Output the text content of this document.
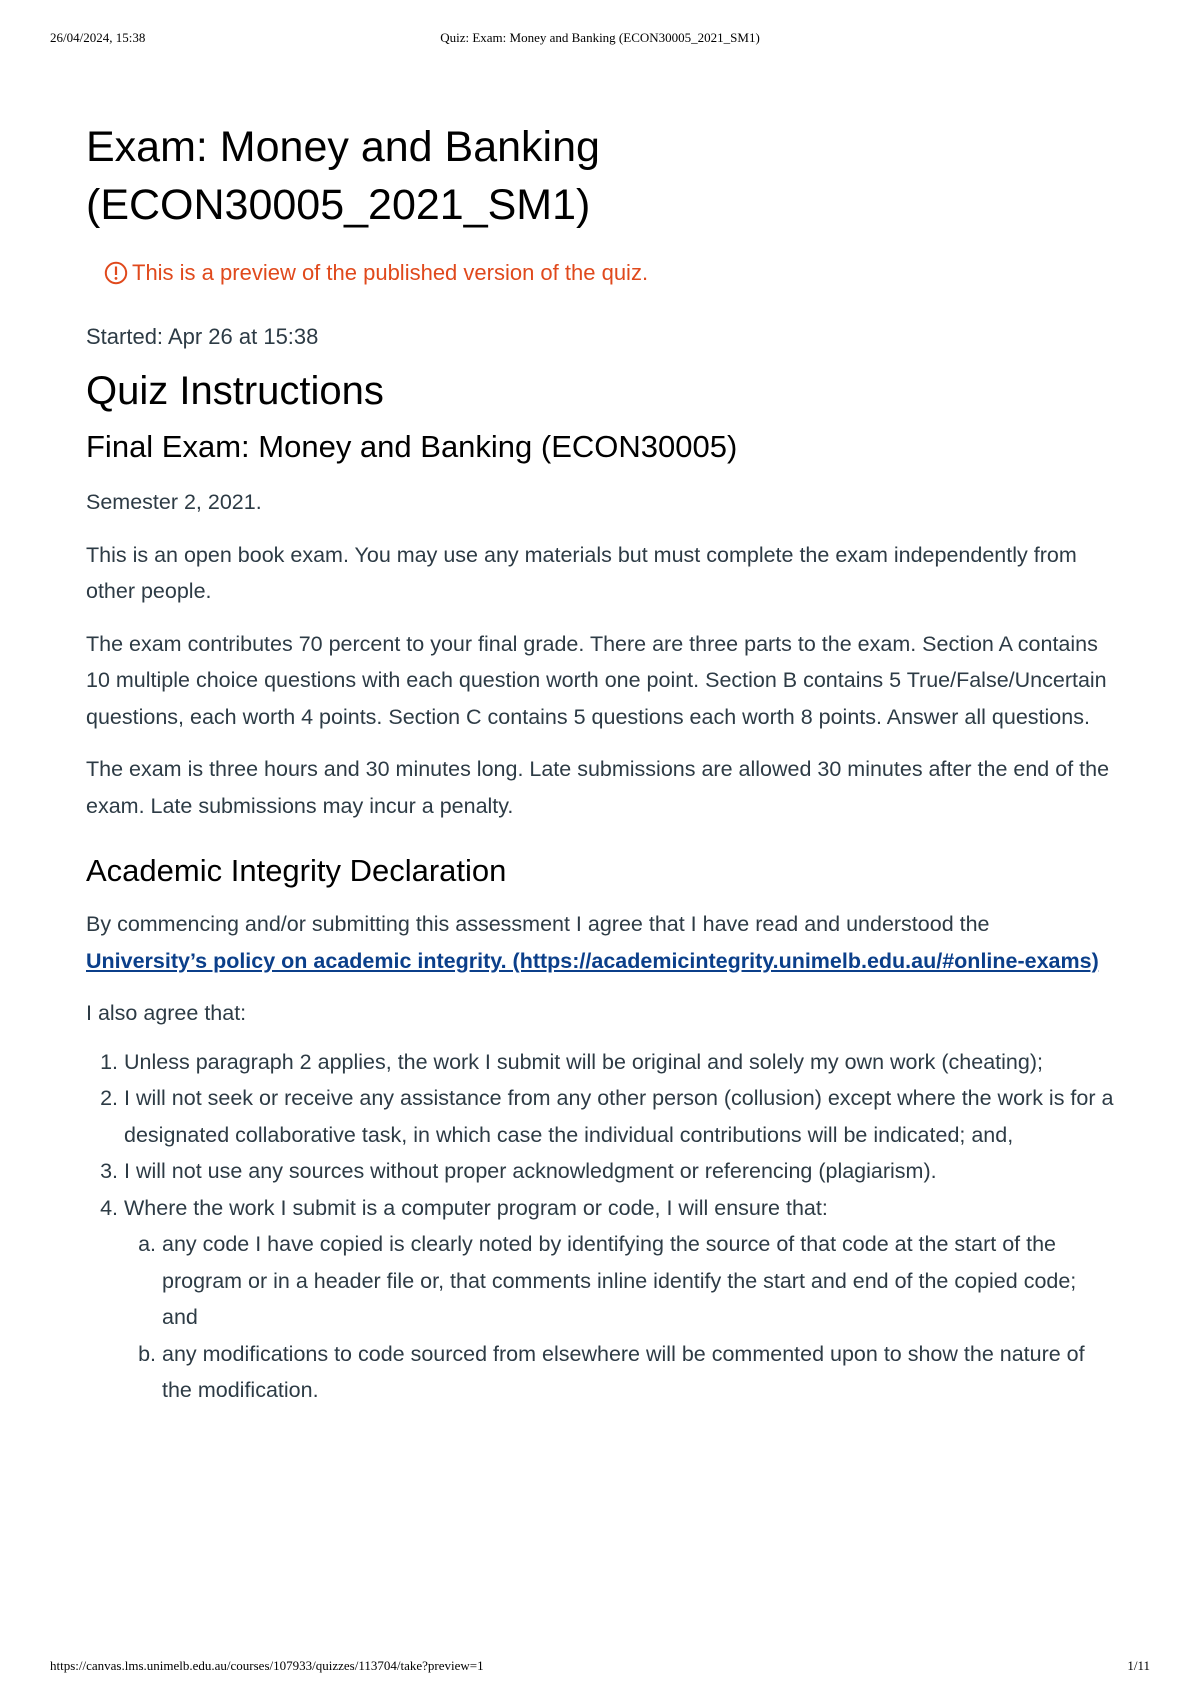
26/04/2024, 15:38	Quiz: Exam: Money and Banking (ECON30005_2021_SM1)
Exam: Money and Banking (ECON30005_2021_SM1)
This is a preview of the published version of the quiz.
Started: Apr 26 at 15:38
Quiz Instructions
Final Exam: Money and Banking (ECON30005)

Semester 2, 2021.

This is an open book exam. You may use any materials but must complete the exam independently from other people.

The exam contributes 70 percent to your final grade. There are three parts to the exam. Section A contains 10 multiple choice questions with each question worth one point. Section B contains 5 True/False/Uncertain questions, each worth 4 points. Section C contains 5 questions each worth 8 points. Answer all questions.

The exam is three hours and 30 minutes long. Late submissions are allowed 30 minutes after the end of the exam. Late submissions may incur a penalty.

Academic Integrity Declaration

By commencing and/or submitting this assessment I agree that I have read and understood the University’s policy on academic integrity. (https://academicintegrity.unimelb.edu.au/#online-exams)

I also agree that:

1. Unless paragraph 2 applies, the work I submit will be original and solely my own work (cheating);
2. I will not seek or receive any assistance from any other person (collusion) except where the work is for a designated collaborative task, in which case the individual contributions will be indicated; and,
3. I will not use any sources without proper acknowledgment or referencing (plagiarism).
4. Where the work I submit is a computer program or code, I will ensure that:
a. any code I have copied is clearly noted by identifying the source of that code at the start of the program or in a header file or, that comments inline identify the start and end of the copied code; and
b. any modifications to code sourced from elsewhere will be commented upon to show the nature of the modification.
https://canvas.lms.unimelb.edu.au/courses/107933/quizzes/113704/take?preview=1	1/11
